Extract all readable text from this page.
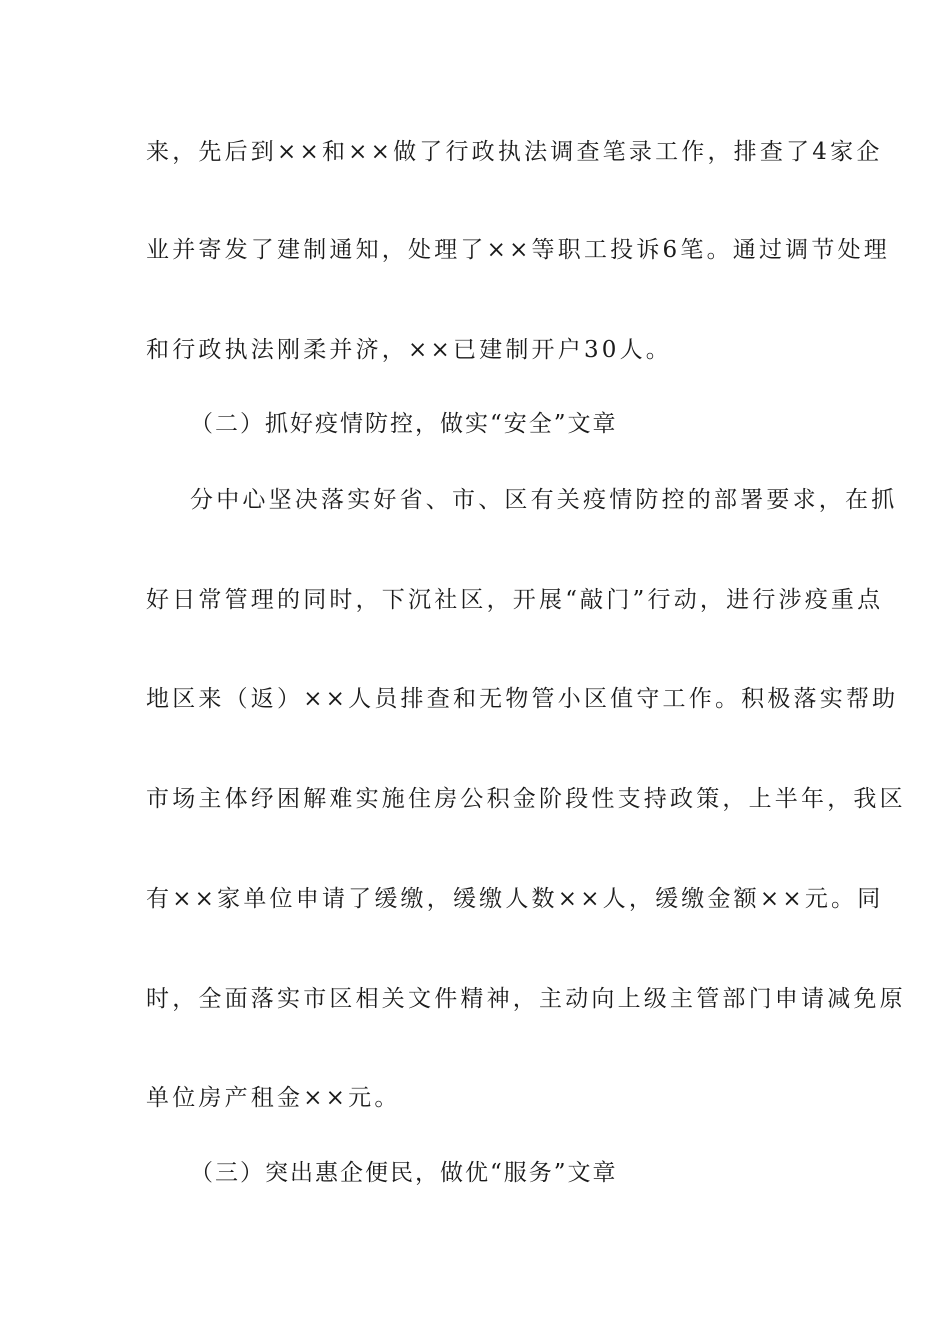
来，先后到××和××做了行政执法调查笔录工作，排查了4家企
业并寄发了建制通知，处理了××等职工投诉6笔。通过调节处理
和行政执法刚柔并济，××已建制开户30人。
（二）抓好疫情防控，做实“安全”文章
分中心坚决落实好省、市、区有关疫情防控的部署要求，在抓
好日常管理的同时，下沉社区，开展“敲门”行动，进行涉疫重点
地区来（返）××人员排查和无物管小区值守工作。积极落实帮助
市场主体纾困解难实施住房公积金阶段性支持政策，上半年，我区
有××家单位申请了缓缴，缓缴人数××人，缓缴金额××元。同
时，全面落实市区相关文件精神，主动向上级主管部门申请减免原
单位房产租金××元。
（三）突出惠企便民，做优“服务”文章
